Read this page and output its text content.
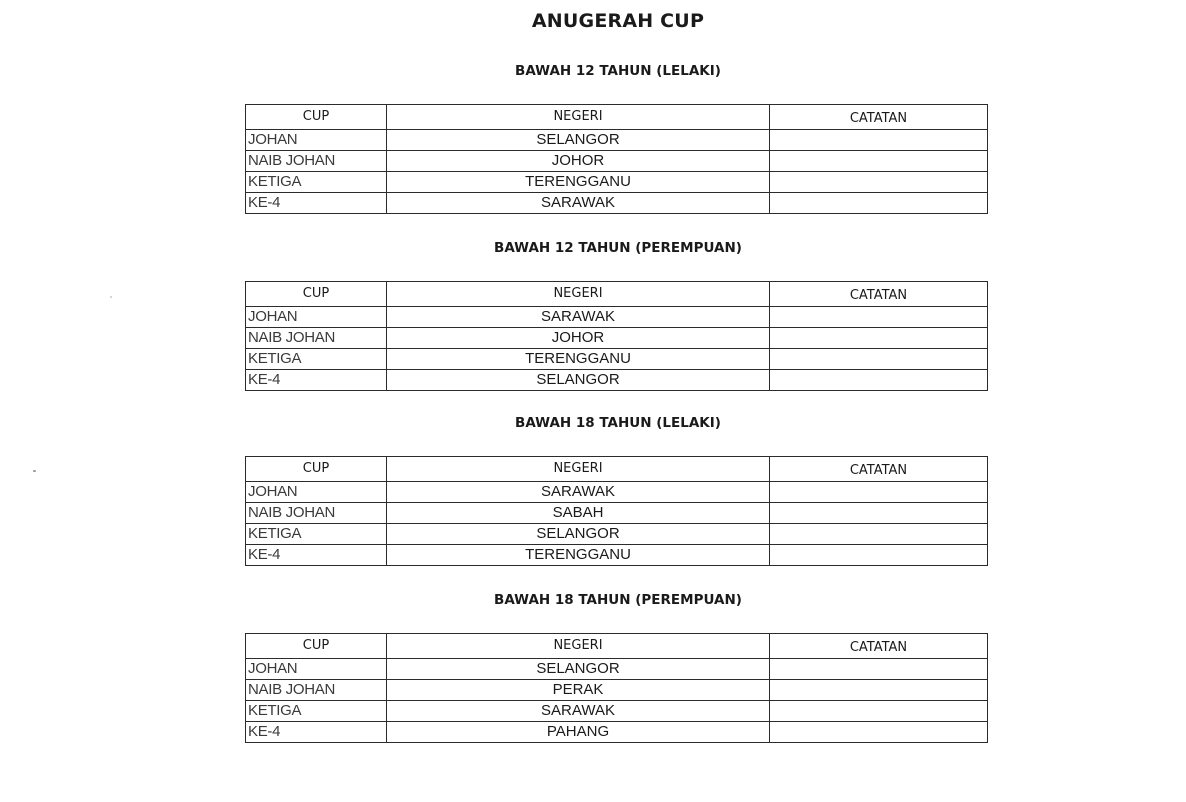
ANUGERAH CUP
BAWAH 12 TAHUN (LELAKI)
CUP	NEGERI	CATATAN
JOHAN	SELANGOR	
NAIB JOHAN	JOHOR	
KETIGA	TERENGGANU	
KE-4	SARAWAK	
BAWAH 12 TAHUN (PEREMPUAN)
CUP	NEGERI	CATATAN
JOHAN	SARAWAK	
NAIB JOHAN	JOHOR	
KETIGA	TERENGGANU	
KE-4	SELANGOR	
BAWAH 18 TAHUN (LELAKI)
CUP	NEGERI	CATATAN
JOHAN	SARAWAK	
NAIB JOHAN	SABAH	
KETIGA	SELANGOR	
KE-4	TERENGGANU	
BAWAH 18 TAHUN (PEREMPUAN)
CUP	NEGERI	CATATAN
JOHAN	SELANGOR	
NAIB JOHAN	PERAK	
KETIGA	SARAWAK	
KE-4	PAHANG	
